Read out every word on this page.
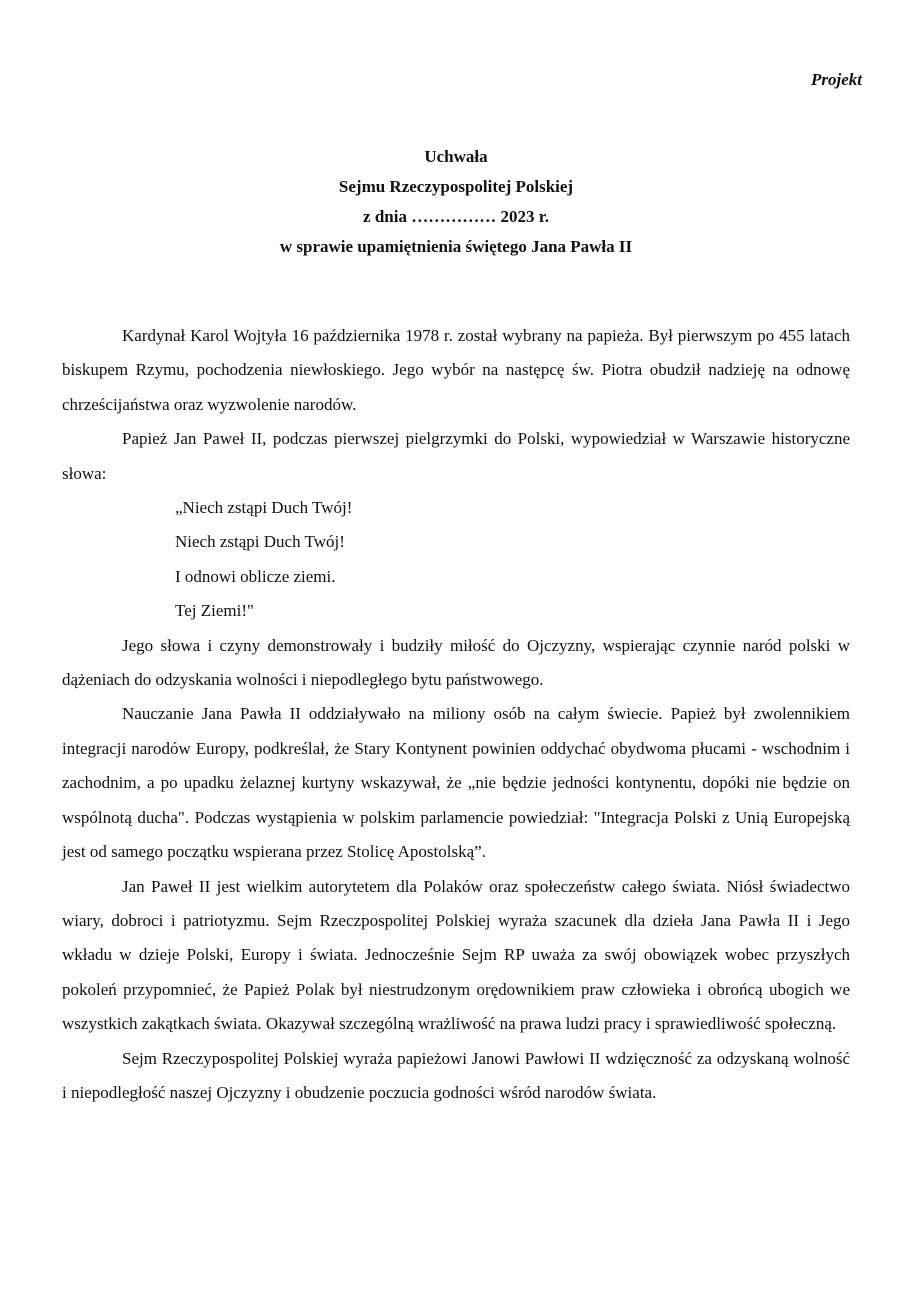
Projekt
Uchwała
Sejmu Rzeczypospolitej Polskiej
z dnia …………… 2023 r.
w sprawie upamiętnienia świętego Jana Pawła II

Kardynał Karol Wojtyła 16 października 1978 r. został wybrany na papieża. Był pierwszym po 455 latach biskupem Rzymu, pochodzenia niewłoskiego. Jego wybór na następcę św. Piotra obudził nadzieję na odnowę chrześcijaństwa oraz wyzwolenie narodów.

Papież Jan Paweł II, podczas pierwszej pielgrzymki do Polski, wypowiedział w Warszawie historyczne słowa:

„Niech zstąpi Duch Twój!
Niech zstąpi Duch Twój!
I odnowi oblicze ziemi.
Tej Ziemi!"

Jego słowa i czyny demonstrowały i budziły miłość do Ojczyzny, wspierając czynnie naród polski w dążeniach do odzyskania wolności i niepodległego bytu państwowego.

Nauczanie Jana Pawła II oddziaływało na miliony osób na całym świecie. Papież był zwolennikiem integracji narodów Europy, podkreślał, że Stary Kontynent powinien oddychać obydwoma płucami - wschodnim i zachodnim, a po upadku żelaznej kurtyny wskazywał, że „nie będzie jedności kontynentu, dopóki nie będzie on wspólnotą ducha". Podczas wystąpienia w polskim parlamencie powiedział: "Integracja Polski z Unią Europejską jest od samego początku wspierana przez Stolicę Apostolską”.

Jan Paweł II jest wielkim autorytetem dla Polaków oraz społeczeństw całego świata. Niósł świadectwo wiary, dobroci i patriotyzmu. Sejm Rzeczpospolitej Polskiej wyraża szacunek dla dzieła Jana Pawła II i Jego wkładu w dzieje Polski, Europy i świata. Jednocześnie Sejm RP uważa za swój obowiązek wobec przyszłych pokoleń przypomnieć, że Papież Polak był niestrudzonym orędownikiem praw człowieka i obrońcą ubogich we wszystkich zakątkach świata. Okazywał szczególną wrażliwość na prawa ludzi pracy i sprawiedliwość społeczną.

Sejm Rzeczypospolitej Polskiej wyraża papieżowi Janowi Pawłowi II wdzięczność za odzyskaną wolność i niepodległość naszej Ojczyzny i obudzenie poczucia godności wśród narodów świata.
